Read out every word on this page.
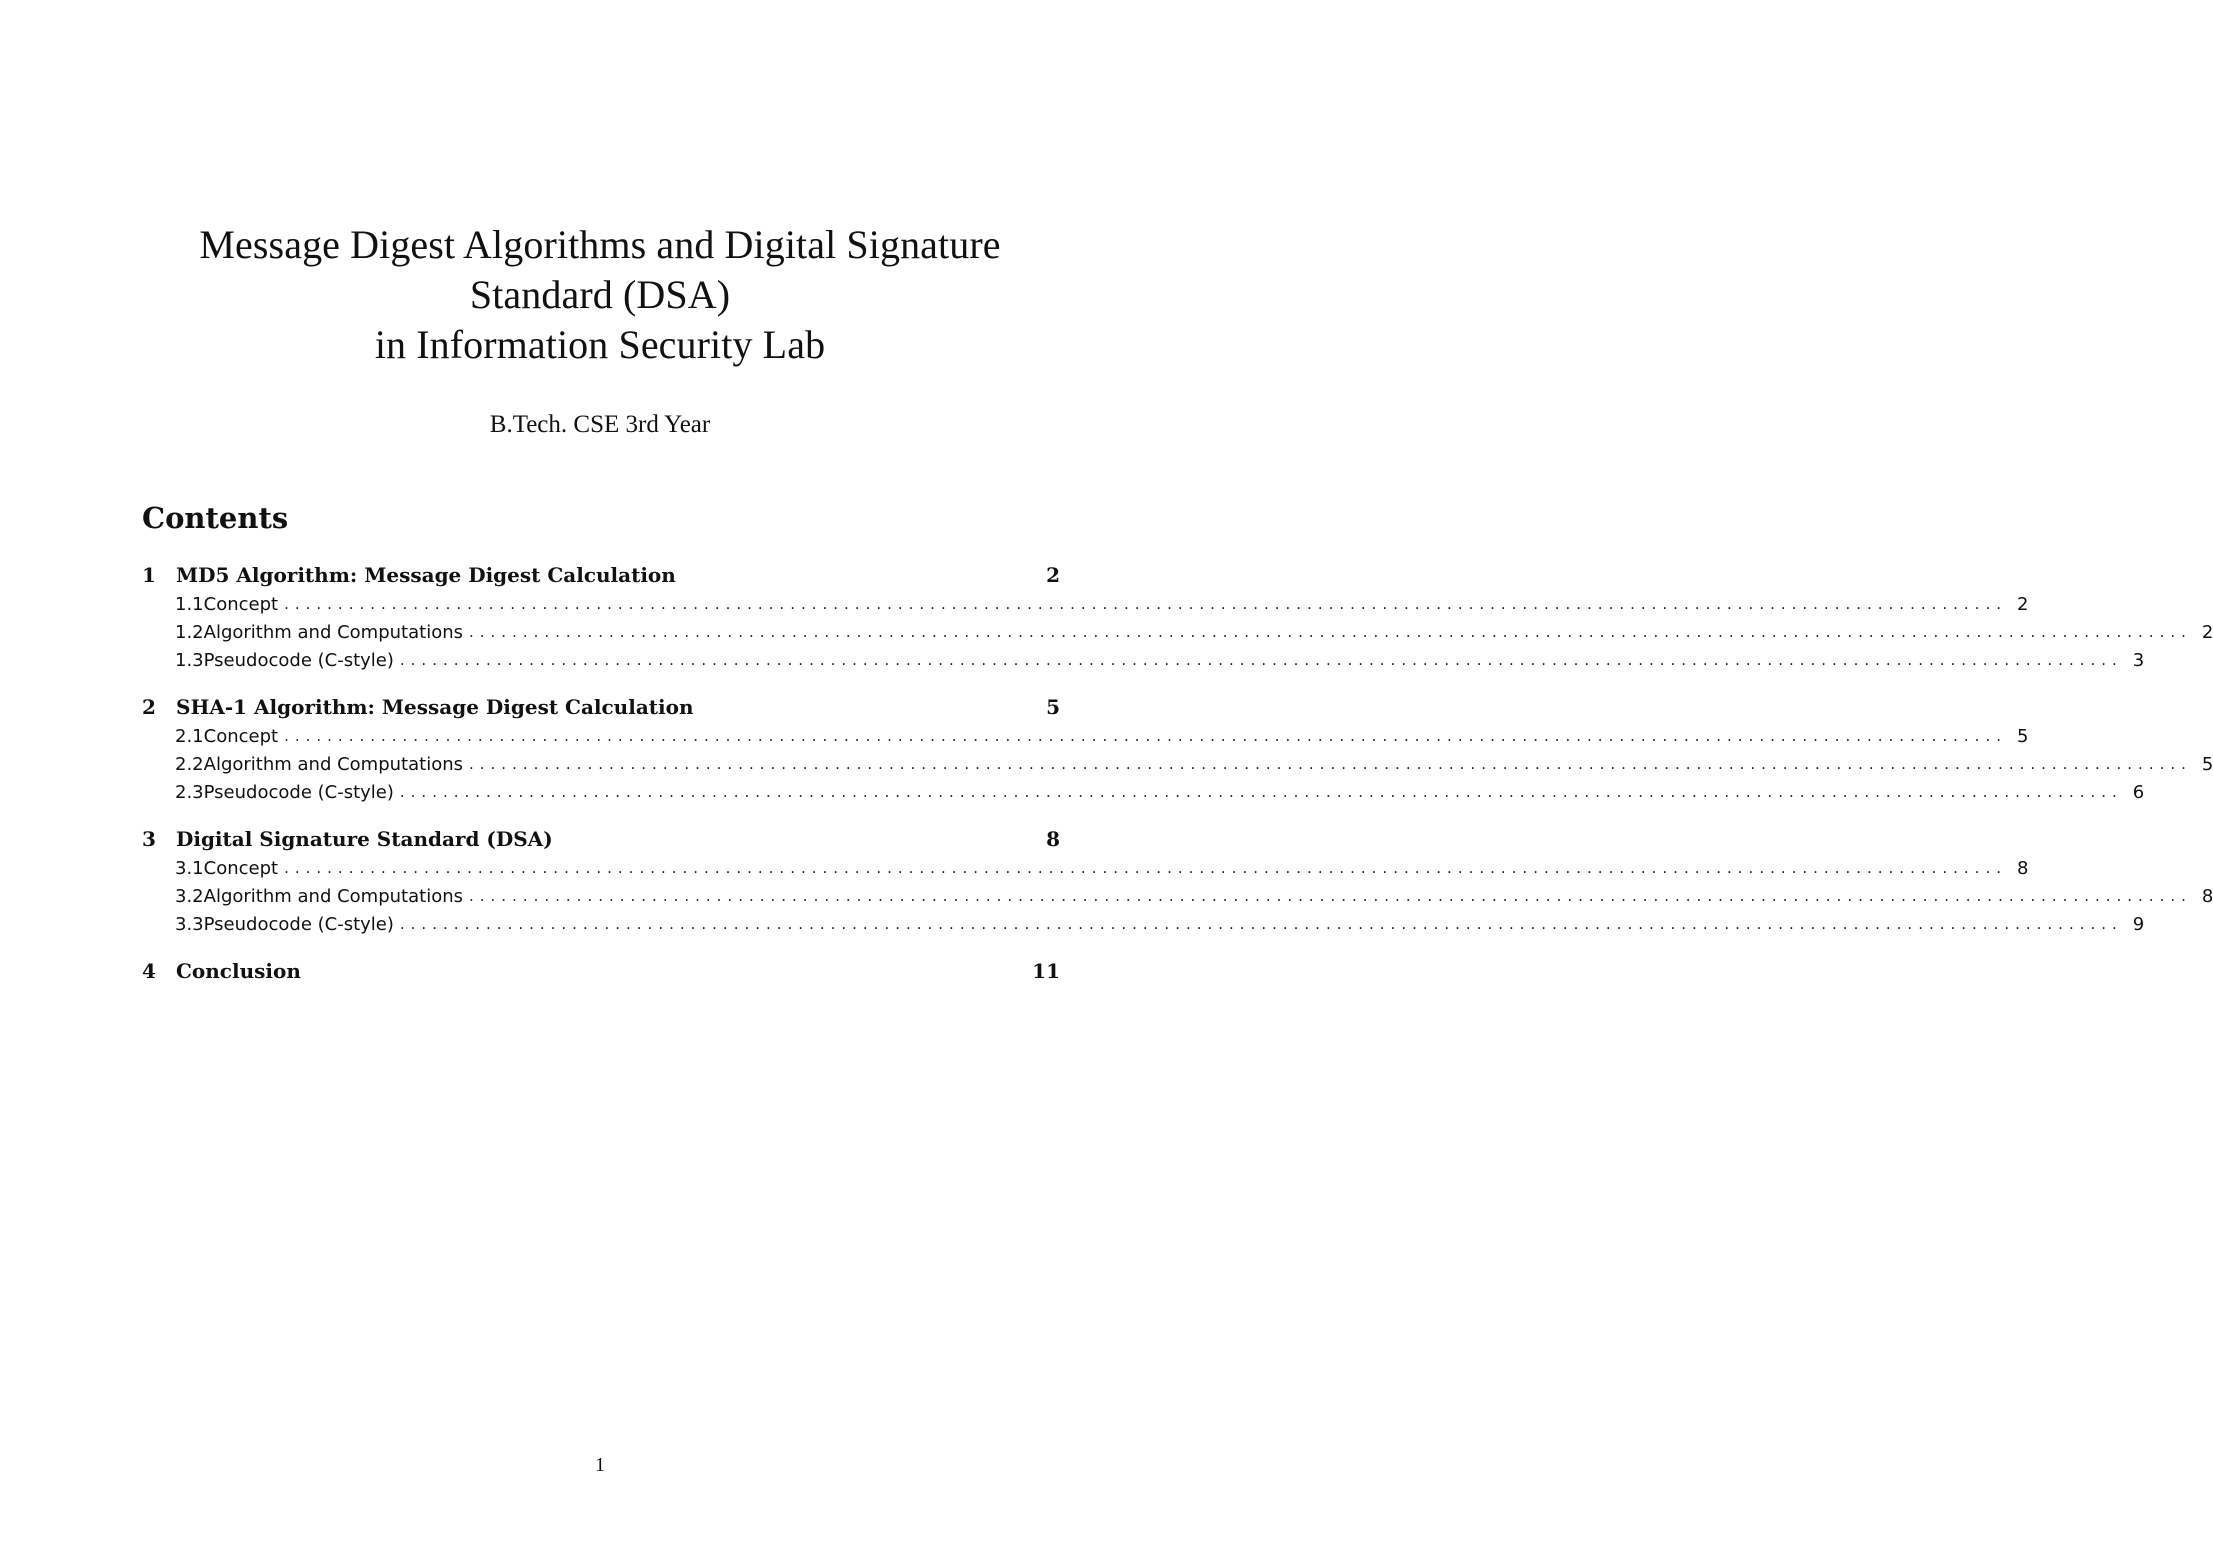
Message Digest Algorithms and Digital Signature
Standard (DSA)
in Information Security Lab
B.Tech. CSE 3rd Year
Contents
1	MD5 Algorithm: Message Digest Calculation	2
1.1 Concept ................................................................................................................................................................ 2
1.2 Algorithm and Computations ................................................................................................................................................................ 2
1.3 Pseudocode (C-style) ................................................................................................................................................................ 3
2	SHA-1 Algorithm: Message Digest Calculation	5
2.1 Concept ................................................................................................................................................................ 5
2.2 Algorithm and Computations ................................................................................................................................................................ 5
2.3 Pseudocode (C-style) ................................................................................................................................................................ 6
3	Digital Signature Standard (DSA)	8
3.1 Concept ................................................................................................................................................................ 8
3.2 Algorithm and Computations ................................................................................................................................................................ 8
3.3 Pseudocode (C-style) ................................................................................................................................................................ 9
4	Conclusion	11
1
